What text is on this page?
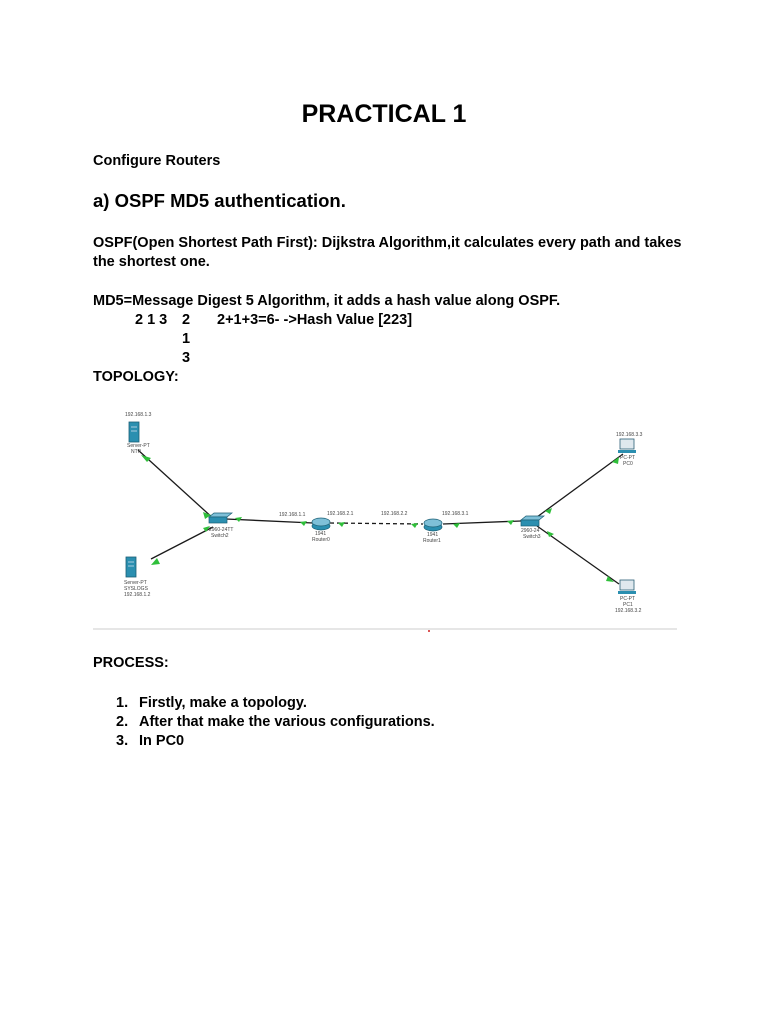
PRACTICAL 1
Configure Routers
a) OSPF MD5 authentication.

OSPF(Open Shortest Path First): Dijkstra Algorithm,it calculates every path and takes the shortest one.

MD5=Message Digest 5 Algorithm, it adds a hash value along OSPF.

2 1 3 2 2+1+3=6- ->Hash Value [223]
1
3
TOPOLOGY:
192.168.1.3
Server-PT
NTP
Server-PT
SYSLOGS
192.168.1.2
2960-24TT
Switch2
192.168.1.1	192.168.2.1
1941
Router0
192.168.2.2	192.168.3.1
1941
Router1
2960-24
Switch3
192.168.3.3
PC-PT
PC0
PC-PT
PC1
192.168.3.2
PROCESS:
1. Firstly, make a topology.
2. After that make the various configurations.
3. In PC0
